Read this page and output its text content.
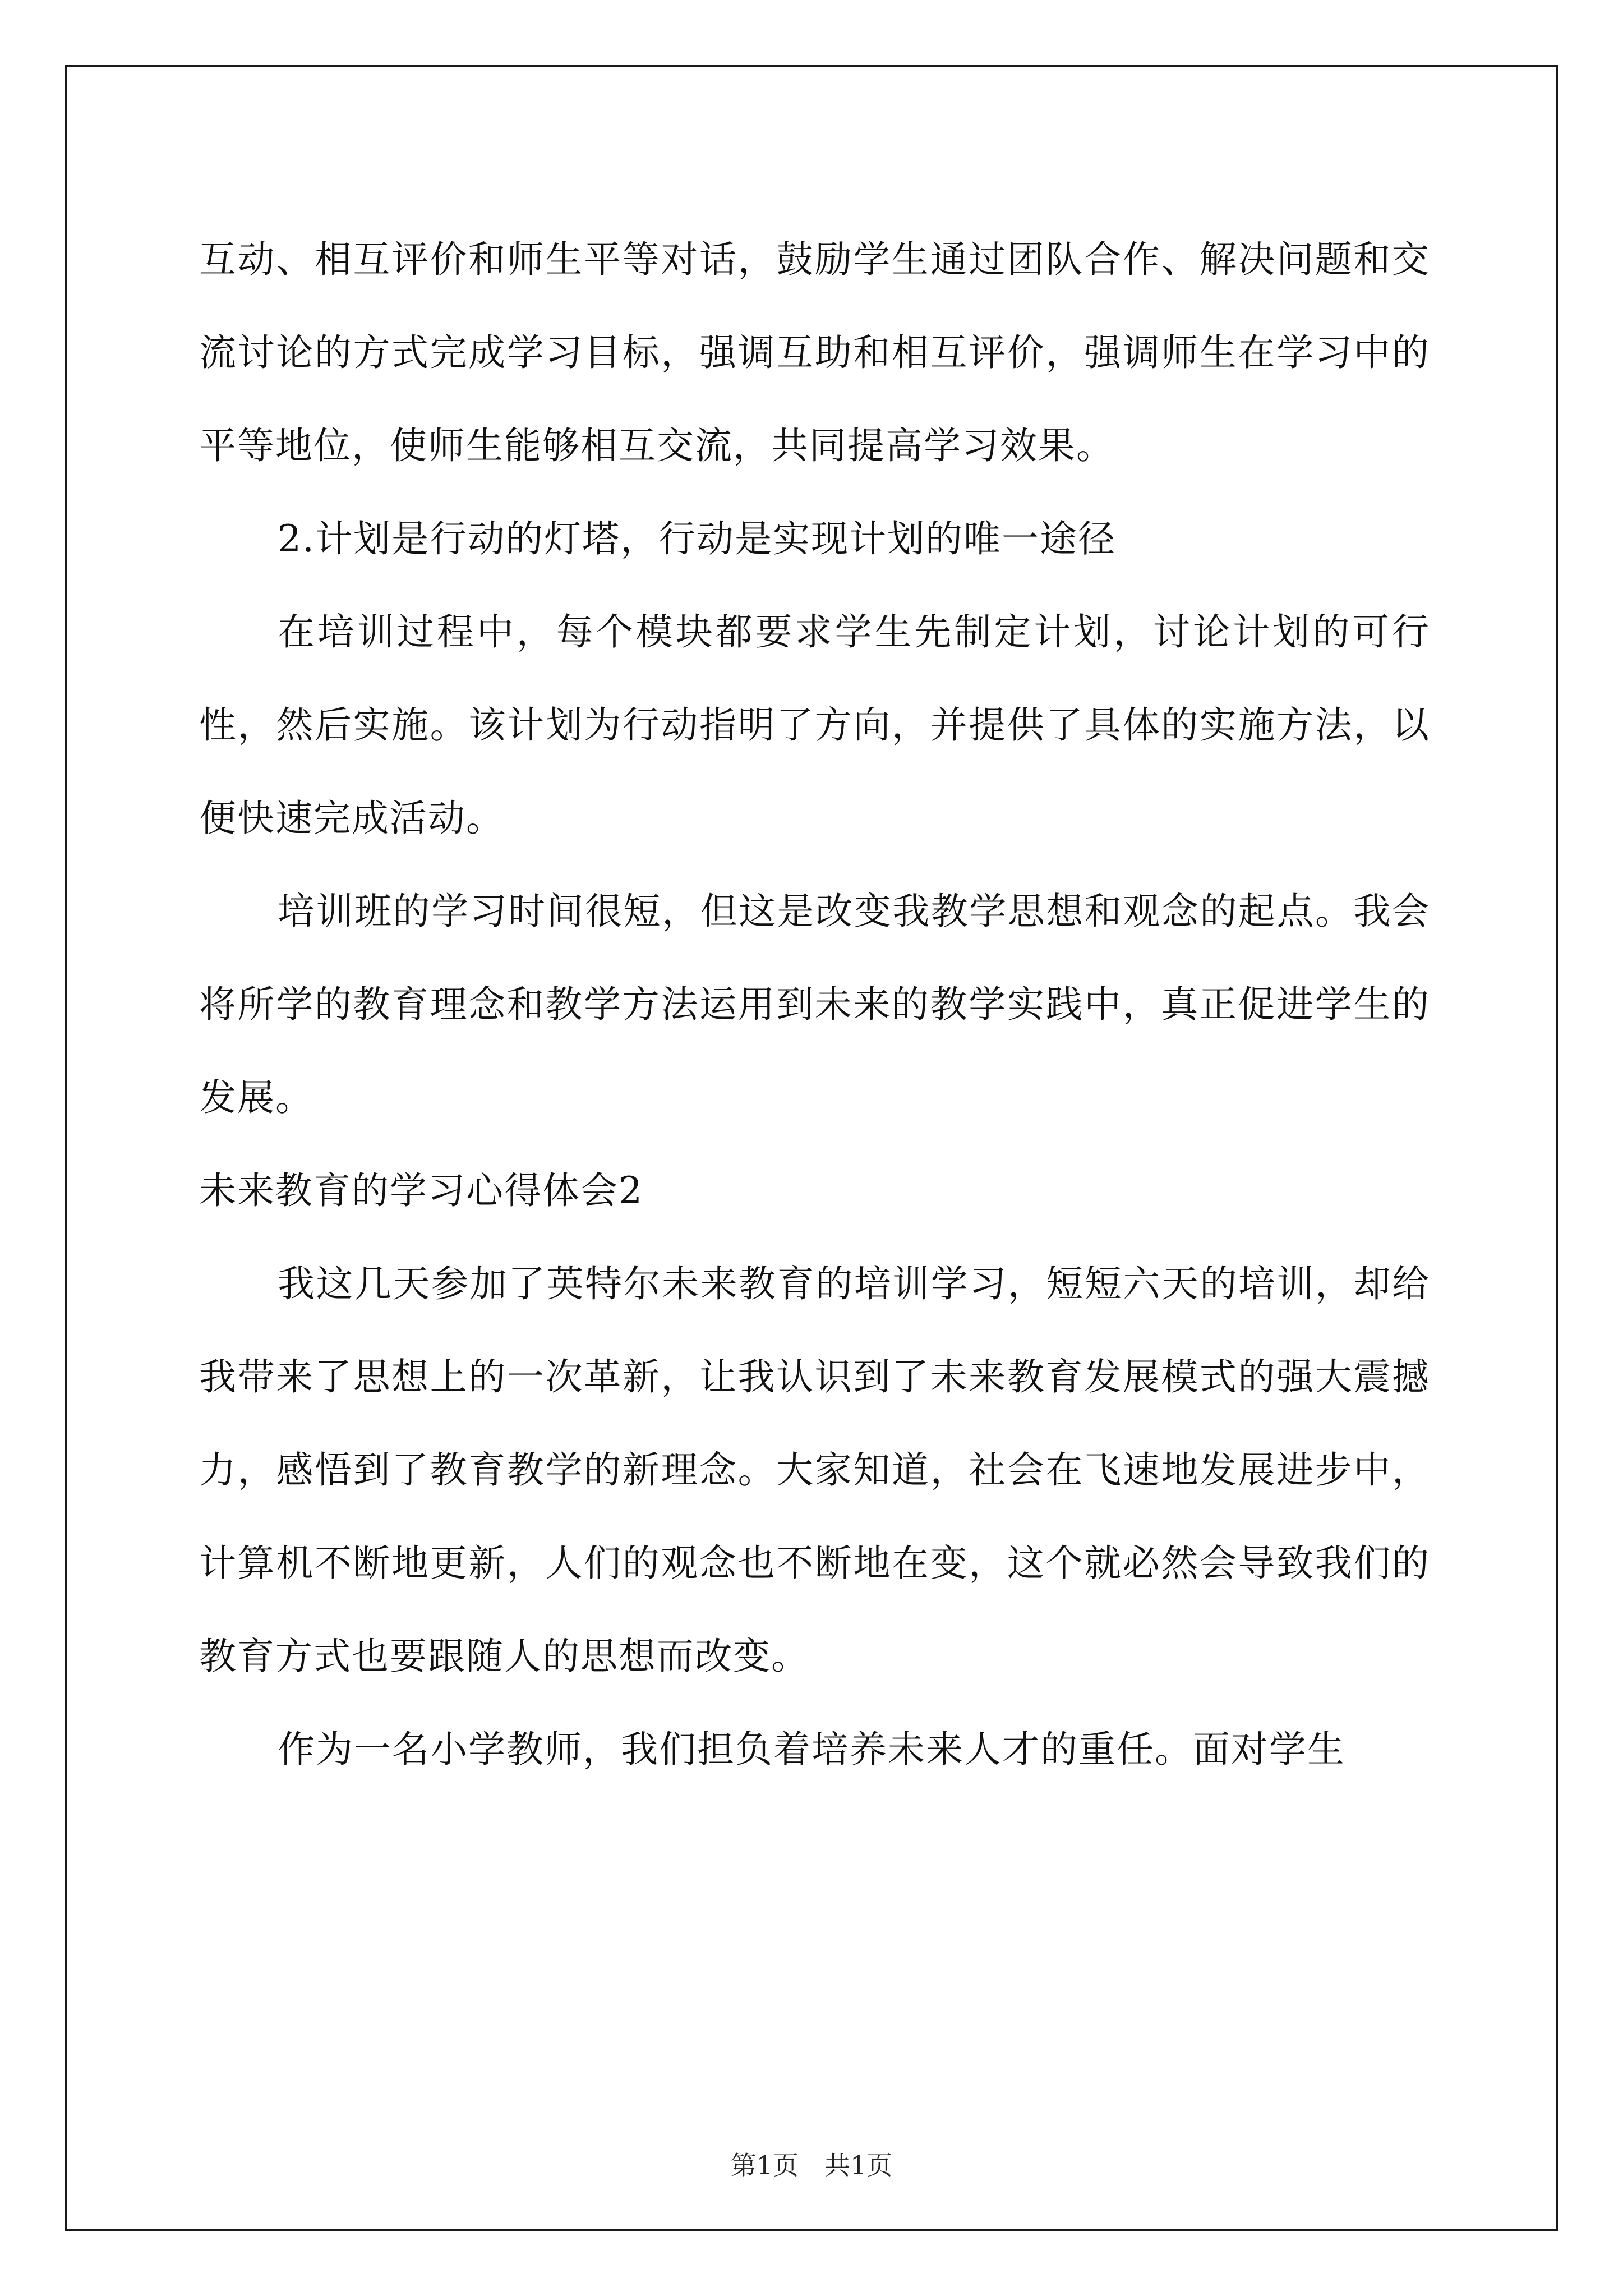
互动、相互评价和师生平等对话，鼓励学生通过团队合作、解决问题和交流讨论的方式完成学习目标，强调互助和相互评价，强调师生在学习中的平等地位，使师生能够相互交流，共同提高学习效果。

2.计划是行动的灯塔，行动是实现计划的唯一途径

在培训过程中，每个模块都要求学生先制定计划，讨论计划的可行性，然后实施。该计划为行动指明了方向，并提供了具体的实施方法，以便快速完成活动。

培训班的学习时间很短，但这是改变我教学思想和观念的起点。我会将所学的教育理念和教学方法运用到未来的教学实践中，真正促进学生的发展。

未来教育的学习心得体会2

我这几天参加了英特尔未来教育的培训学习，短短六天的培训，却给我带来了思想上的一次革新，让我认识到了未来教育发展模式的强大震撼力，感悟到了教育教学的新理念。大家知道，社会在飞速地发展进步中，计算机不断地更新，人们的观念也不断地在变，这个就必然会导致我们的教育方式也要跟随人的思想而改变。

作为一名小学教师，我们担负着培养未来人才的重任。面对学生

第1页　共1页
